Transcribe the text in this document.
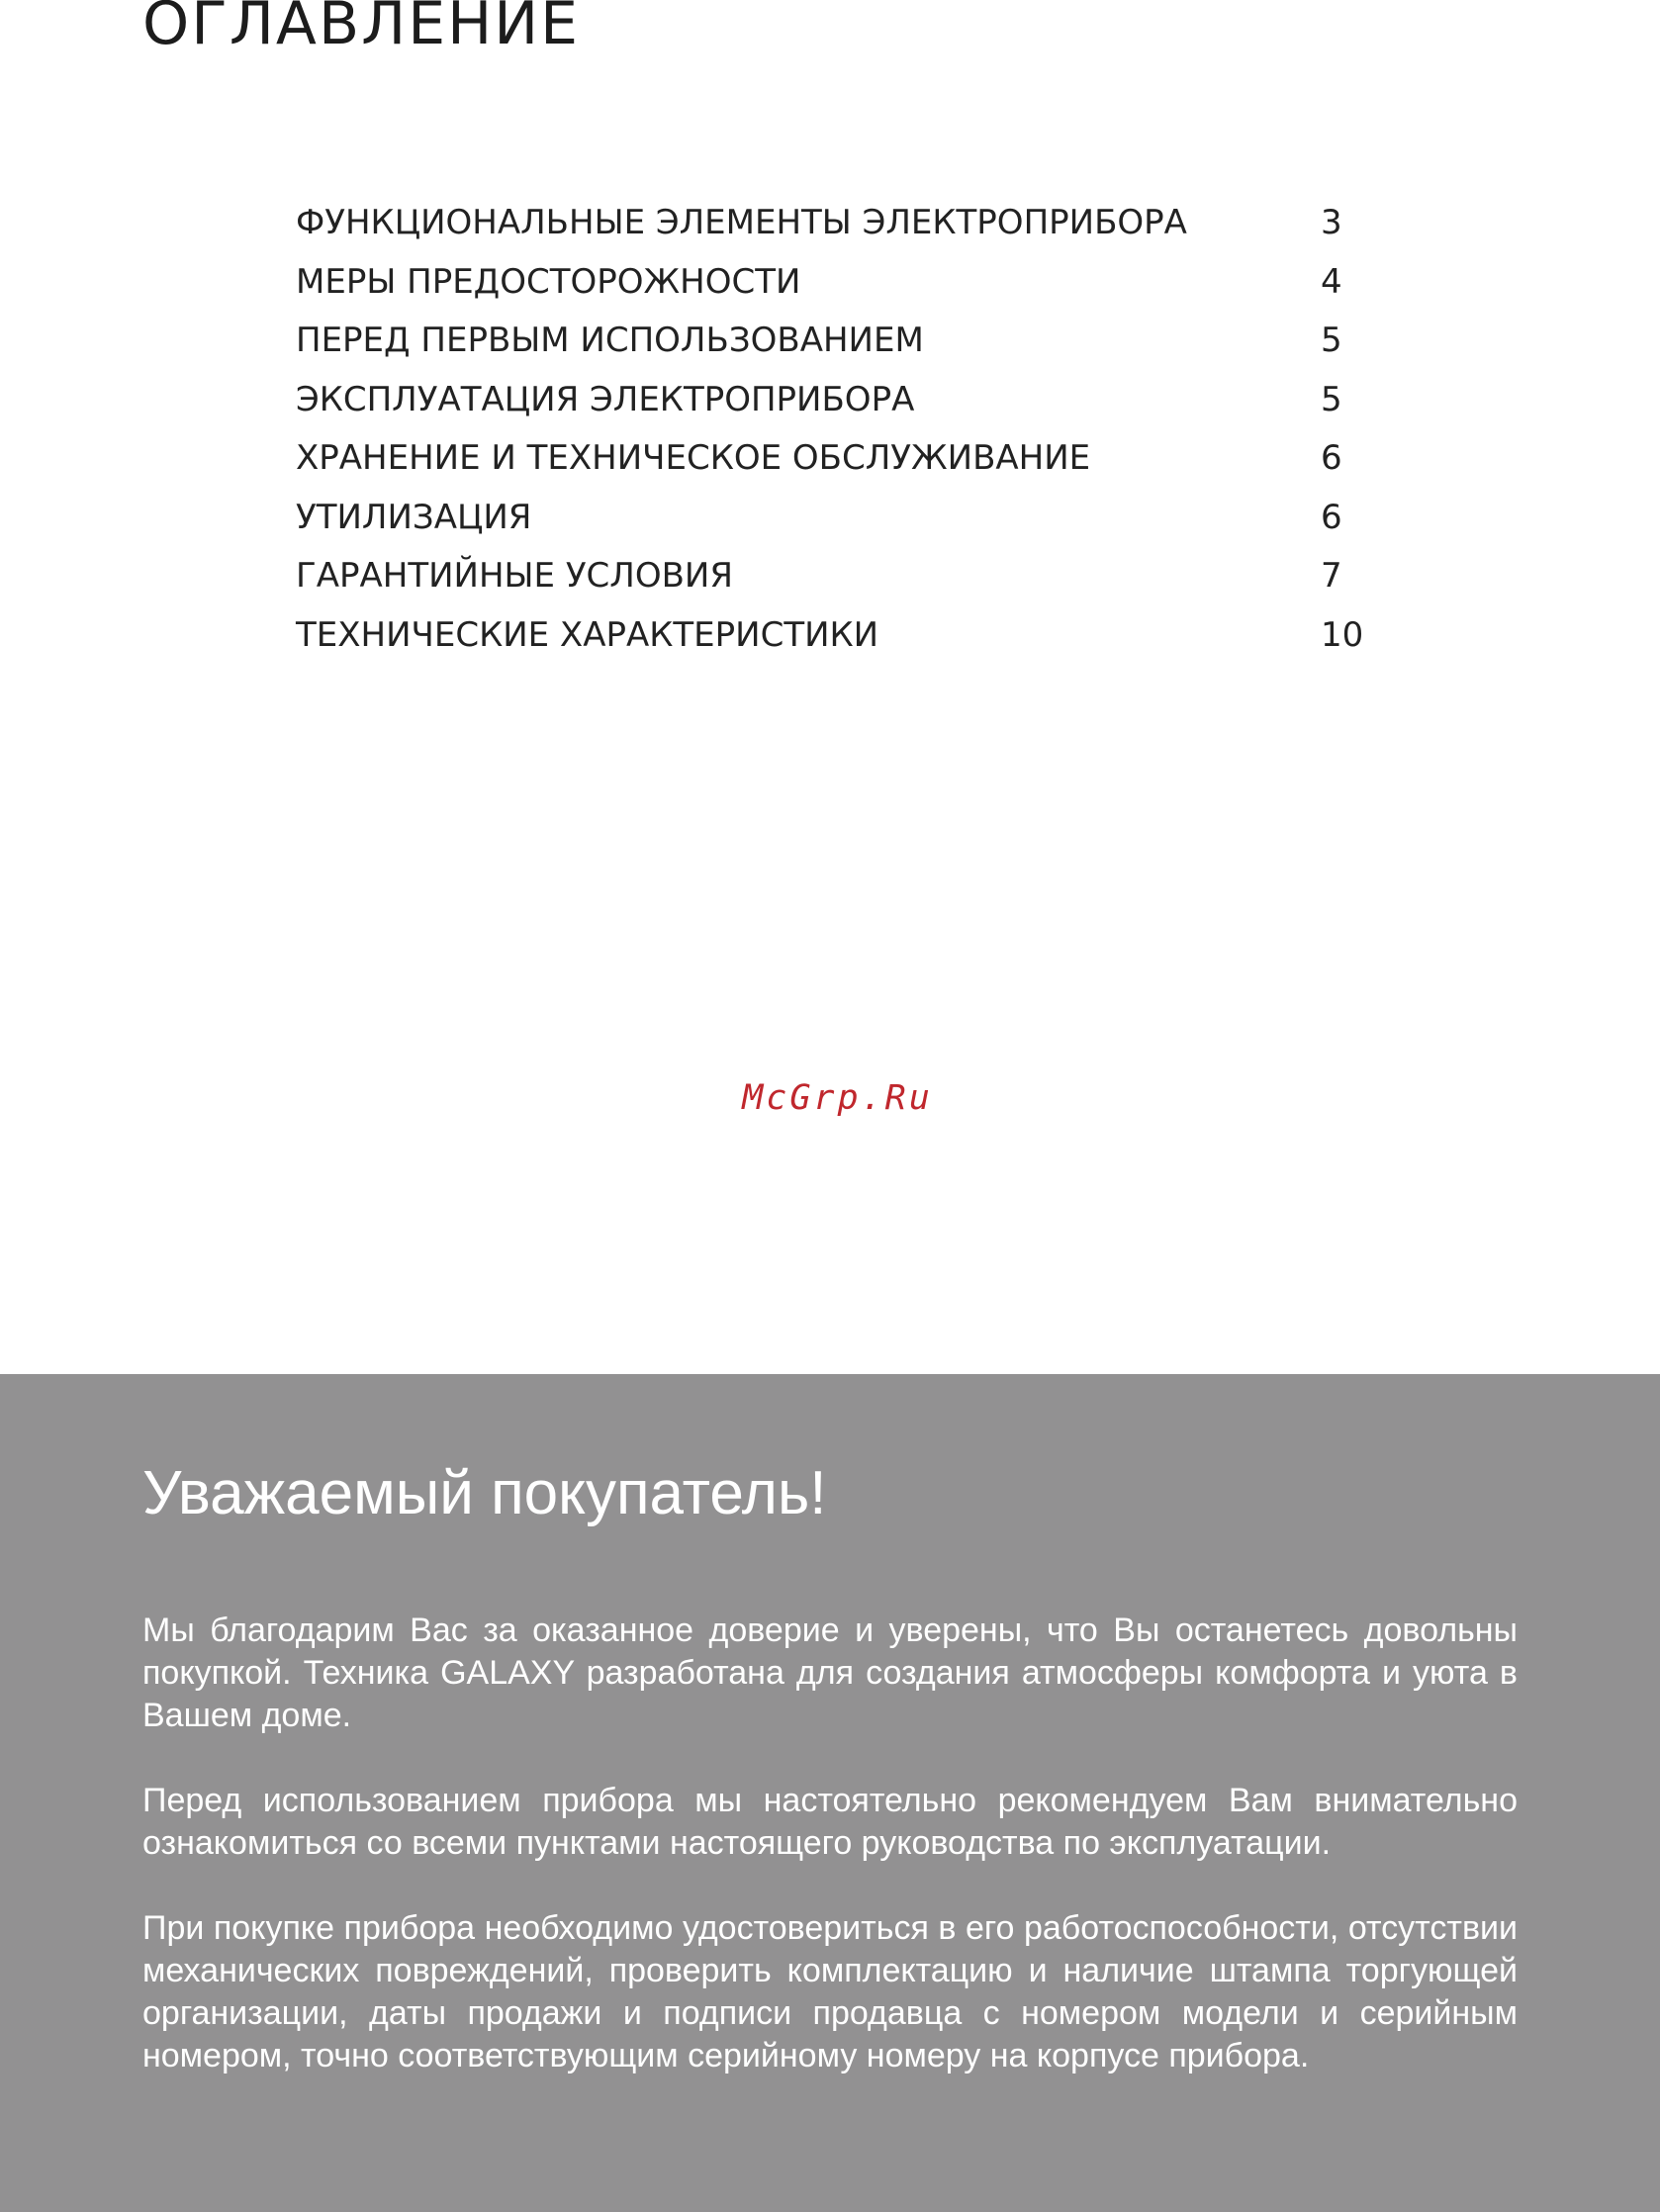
ОГЛАВЛЕНИЕ
ФУНКЦИОНАЛЬНЫЕ ЭЛЕМЕНТЫ ЭЛЕКТРОПРИБОРА	3
МЕРЫ ПРЕДОСТОРОЖНОСТИ	4
ПЕРЕД ПЕРВЫМ ИСПОЛЬЗОВАНИЕМ	5
ЭКСПЛУАТАЦИЯ ЭЛЕКТРОПРИБОРА	5
ХРАНЕНИЕ И ТЕХНИЧЕСКОЕ ОБСЛУЖИВАНИЕ	6
УТИЛИЗАЦИЯ	6
ГАРАНТИЙНЫЕ УСЛОВИЯ	7
ТЕХНИЧЕСКИЕ ХАРАКТЕРИСТИКИ	10
McGrp.Ru
Уважаемый покупатель!

Мы благодарим Вас за оказанное доверие и уверены, что Вы останетесь довольны покупкой. Техника GALAXY разработана для создания атмосферы комфорта и уюта в Вашем доме.

Перед использованием прибора мы настоятельно рекомендуем Вам внимательно ознакомиться со всеми пунктами настоящего руководства по эксплуатации.

При покупке прибора необходимо удостовериться в его работоспособности, отсутствии механических повреждений, проверить комплектацию и наличие штампа торгующей организации, даты продажи и подписи продавца с номером модели и серийным номером, точно соответствующим серийному номеру на корпусе прибора.
